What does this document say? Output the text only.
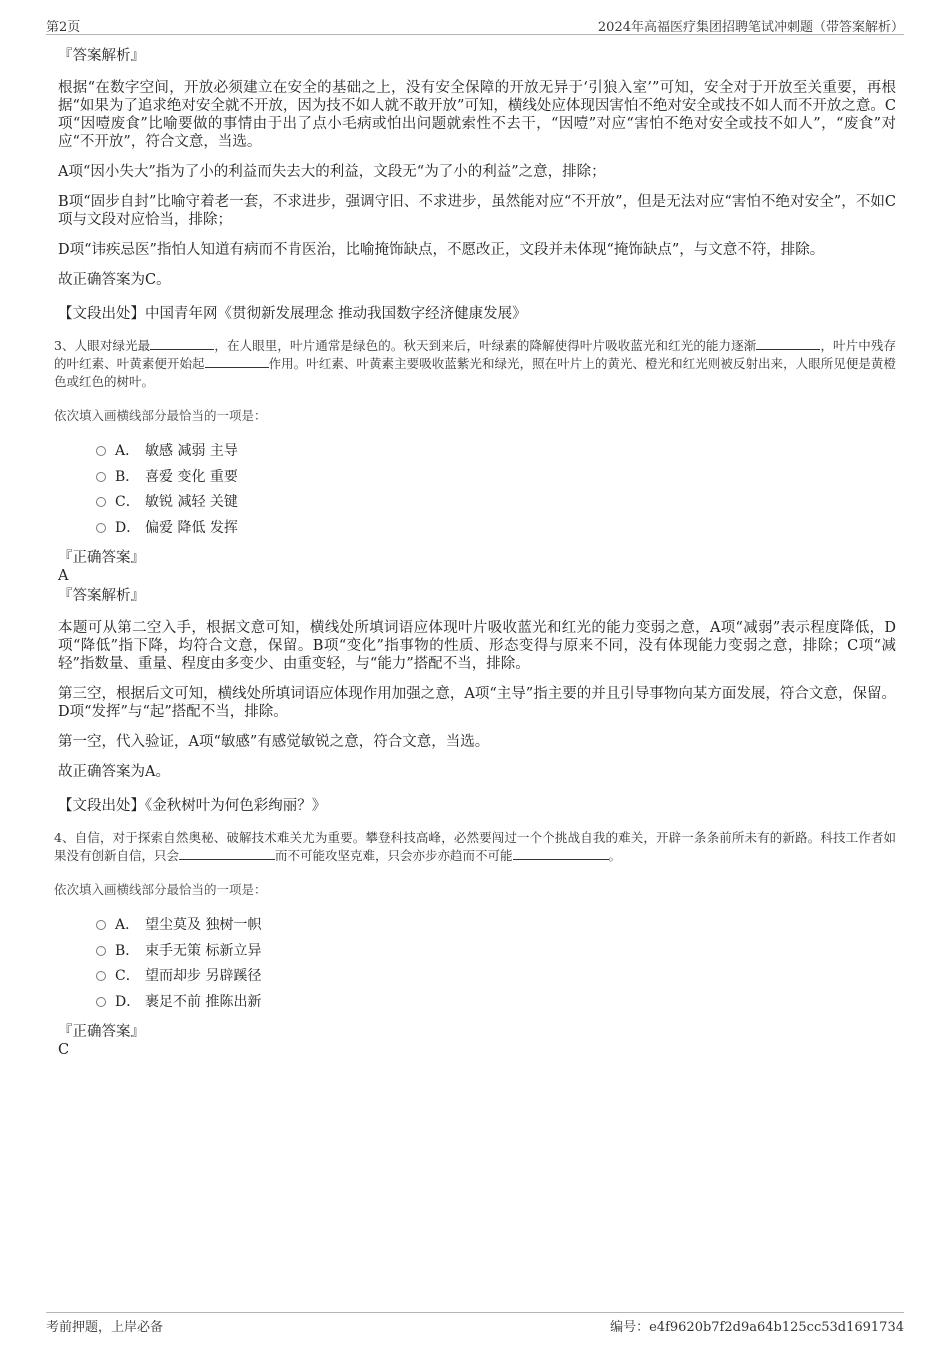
第2页	2024年高福医疗集团招聘笔试冲刺题（带答案解析）
『答案解析』

根据“在数字空间，开放必须建立在安全的基础之上，没有安全保障的开放无异于‘引狼入室’”可知，安全对于开放至关重要，再根据“如果为了追求绝对安全就不开放，因为技不如人就不敢开放”可知，横线处应体现因害怕不绝对安全或技不如人而不开放之意。C项“因噎废食”比喻要做的事情由于出了点小毛病或怕出问题就索性不去干，“因噎”对应“害怕不绝对安全或技不如人”，“废食”对应“不开放”，符合文意，当选。

A项“因小失大”指为了小的利益而失去大的利益，文段无“为了小的利益”之意，排除；

B项“固步自封”比喻守着老一套，不求进步，强调守旧、不求进步，虽然能对应“不开放”，但是无法对应“害怕不绝对安全”，不如C项与文段对应恰当，排除；

D项“讳疾忌医”指怕人知道有病而不肯医治，比喻掩饰缺点，不愿改正，文段并未体现“掩饰缺点”，与文意不符，排除。

故正确答案为C。

【文段出处】中国青年网《贯彻新发展理念 推动我国数字经济健康发展》

3、人眼对绿光最	，在人眼里，叶片通常是绿色的。秋天到来后，叶绿素的降解使得叶片吸收蓝光和红光的能力逐渐	，叶片中残存的叶红素、叶黄素便开始起	作用。叶红素、叶黄素主要吸收蓝紫光和绿光，照在叶片上的黄光、橙光和红光则被反射出来，人眼所见便是黄橙色或红色的树叶。

依次填入画横线部分最恰当的一项是：

A． 敏感 减弱 主导
B． 喜爱 变化 重要
C． 敏锐 减轻 关键
D． 偏爱 降低 发挥
『正确答案』
A
『答案解析』

本题可从第二空入手，根据文意可知，横线处所填词语应体现叶片吸收蓝光和红光的能力变弱之意，A项“减弱”表示程度降低，D项“降低”指下降，均符合文意，保留。B项“变化”指事物的性质、形态变得与原来不同，没有体现能力变弱之意，排除；C项“减轻”指数量、重量、程度由多变少、由重变轻，与“能力”搭配不当，排除。

第三空，根据后文可知，横线处所填词语应体现作用加强之意，A项“主导”指主要的并且引导事物向某方面发展，符合文意，保留。D项“发挥”与“起”搭配不当，排除。

第一空，代入验证，A项“敏感”有感觉敏锐之意，符合文意，当选。

故正确答案为A。

【文段出处】《金秋树叶为何色彩绚丽？》

4、自信，对于探索自然奥秘、破解技术难关尤为重要。攀登科技高峰，必然要闯过一个个挑战自我的难关，开辟一条条前所未有的新路。科技工作者如果没有创新自信，只会	而不可能攻坚克难，只会亦步亦趋而不可能	。

依次填入画横线部分最恰当的一项是：

A． 望尘莫及 独树一帜
B． 束手无策 标新立异
C． 望而却步 另辟蹊径
D． 裹足不前 推陈出新
『正确答案』
C
考前押题，上岸必备	编号：e4f9620b7f2d9a64b125cc53d1691734
